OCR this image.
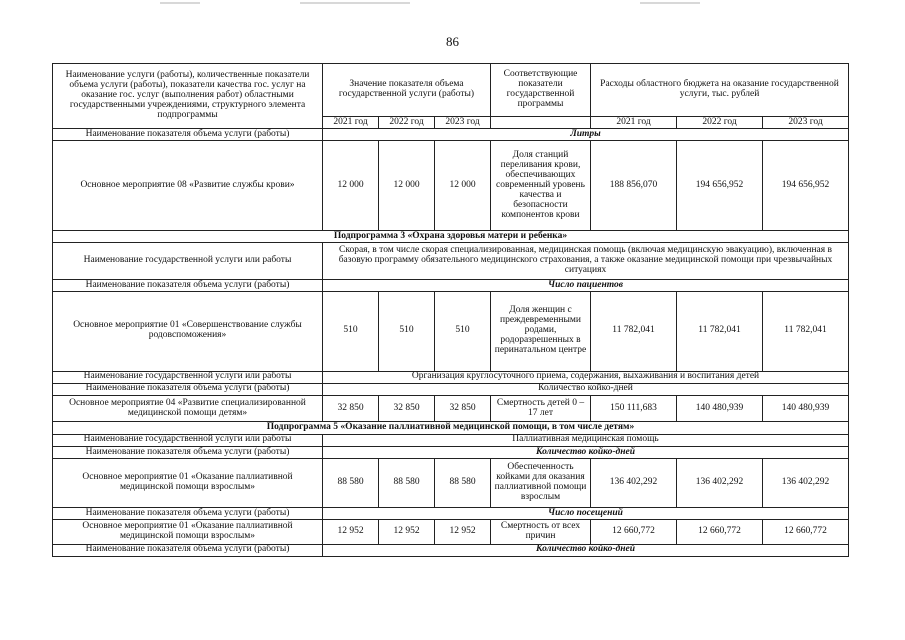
86
Наименование услуги (работы), количественные показатели объема услуги (работы), показатели качества гос. услуг на оказание гос. услуг (выполнения работ) областными государственными учреждениями, структурного элемента подпрограммы	Значение показателя объема государственной услуги (работы)			Соответствующие показатели государственной программы	Расходы областного бюджета на оказание государственной услуги, тыс. рублей		
	2021 год	2022 год	2023 год		2021 год	2022 год	2023 год
Наименование показателя объема услуги (работы)	Литры						
Основное мероприятие 08 «Развитие службы крови»	12 000	12 000	12 000	Доля станций переливания крови, обеспечивающих современный уровень качества и безопасности компонентов крови	188 856,070	194 656,952	194 656,952
Подпрограмма 3 «Охрана здоровья матери и ребенка»							
Наименование государственной услуги или работы	Скорая, в том числе скорая специализированная, медицинская помощь (включая медицинскую эвакуацию), включенная в базовую программу обязательного медицинского страхования, а также оказание медицинской помощи при чрезвычайных ситуациях						
Наименование показателя объема услуги (работы)	Число пациентов						
Основное мероприятие 01 «Совершенствование службы родовспоможения»	510	510	510	Доля женщин с преждевременными родами, родоразрешенных в перинатальном центре	11 782,041	11 782,041	11 782,041
Наименование государственной услуги или работы	Организация круглосуточного приема, содержания, выхаживания и воспитания детей						
Наименование показателя объема услуги (работы)	Количество койко-дней						
Основное мероприятие 04 «Развитие специализированной медицинской помощи детям»	32 850	32 850	32 850	Смертность детей 0 – 17 лет	150 111,683	140 480,939	140 480,939
Подпрограмма 5 «Оказание паллиативной медицинской помощи, в том числе детям»							
Наименование государственной услуги или работы	Паллиативная медицинская помощь						
Наименование показателя объема услуги (работы)	Количество койко-дней						
Основное мероприятие 01 «Оказание паллиативной медицинской помощи взрослым»	88 580	88 580	88 580	Обеспеченность койками для оказания паллиативной помощи взрослым	136 402,292	136 402,292	136 402,292
Наименование показателя объема услуги (работы)	Число посещений						
Основное мероприятие 01 «Оказание паллиативной медицинской помощи взрослым»	12 952	12 952	12 952	Смертность от всех причин	12 660,772	12 660,772	12 660,772
Наименование показателя объема услуги (работы)	Количество койко-дней						
